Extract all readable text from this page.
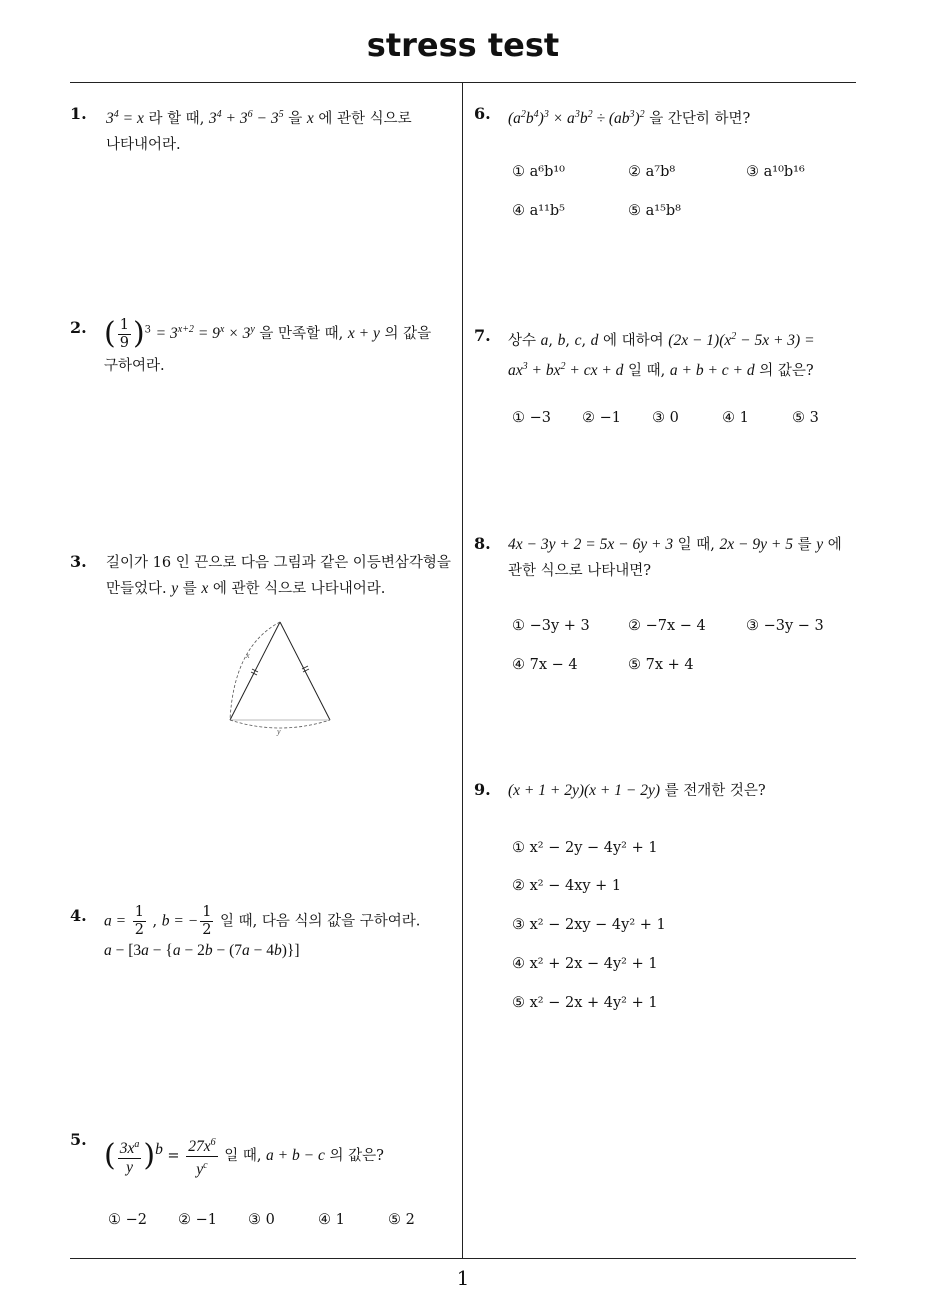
stress test
1
1. $3^4 = x$ 라 할 때, $3^4 + 3^6 - 3^5$ 을 x 에 관한 식으로
나타내어라.
2. ( $\frac{1}{9} )^3 = 3^{x+2} = 9^x \times 3^y$ 을 만족할 때, x + y 의 값을
구하여라.
3. 길이가 16 인 끈으로 다음 그림과 같은 이등변삼각형을
만들었다. y 를 x 에 관한 식으로 나타내어라.
x
y
4. $a = \frac{1}{2}$ , b = − $\frac{1}{2}$ 일 때, 다음 식의 값을 구하여라.
a − [3a − {a − 2b − (7a − 4b)}]
5. ( $\frac{3x^a}{y} )^b = \frac{27x^6}{y^c}$ 일 때, a + b − c 의 값은?
① −2 ② −1 ③ 0	④ 1	⑤ 2
6. $(a^2b^4)^3 \times a^3b^2 \div (ab^3)^2$ 을 간단히 하면?
① a⁶b¹⁰	② a⁷b⁸	③ a¹⁰b¹⁶
④ a¹¹b⁵	⑤ a¹⁵b⁸
7. 상수 a, b, c, d 에 대하여 $(2x - 1)(x^2 - 5x + 3)$ =
$ax^3 + bx^2$ + cx + d 일 때, a + b + c + d 의 값은?
① −3 ② −1 ③ 0	④ 1	⑤ 3
8. 4x − 3y + 2 = 5x − 6y + 3 일 때, 2x − 9y + 5 를 y 에
관한 식으로 나타내면?
① −3y + 3	② −7x − 4	③ −3y − 3
④ 7x − 4	⑤ 7x + 4
9. (x + 1 + 2y)(x + 1 − 2y) 를 전개한 것은?
① x² − 2y − 4y² + 1
② x² − 4xy + 1
③ x² − 2xy − 4y² + 1
④ x² + 2x − 4y² + 1
⑤ x² − 2x + 4y² + 1
